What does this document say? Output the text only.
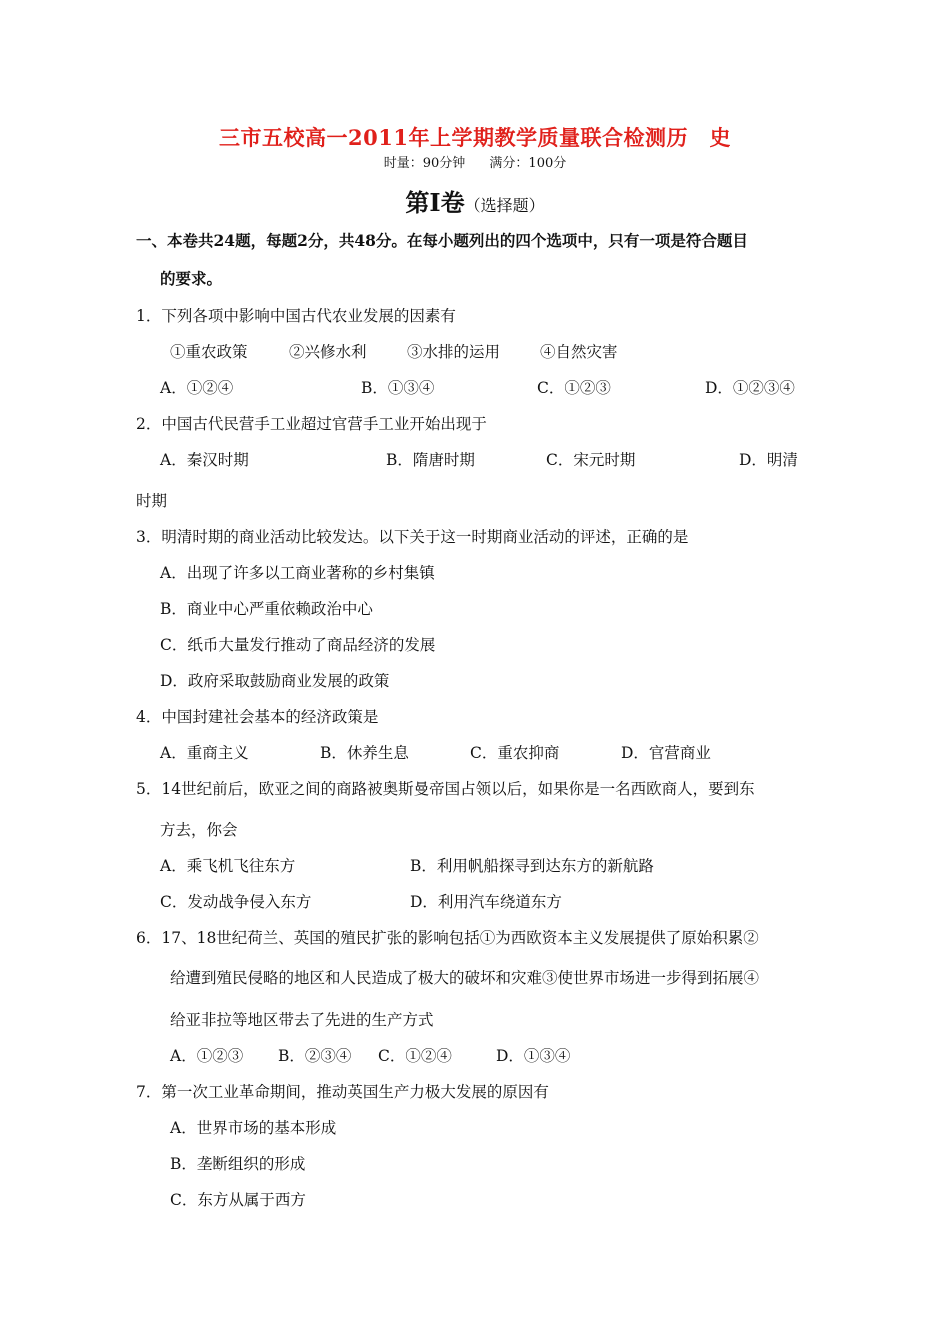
三市五校高一2011年上学期教学质量联合检测历　史
时量：90分钟 满分：100分
第Ⅰ卷（选择题）
一、本卷共24题，每题2分，共48分。在每小题列出的四个选项中，只有一项是符合题目
的要求。
1．下列各项中影响中国古代农业发展的因素有
①重农政策	②兴修水利	③水排的运用	④自然灾害
A．①②④	B．①③④	C．①②③	D．①②③④
2．中国古代民营手工业超过官营手工业开始出现于
A．秦汉时期	B．隋唐时期	C．宋元时期	D．明清
时期
3．明清时期的商业活动比较发达。以下关于这一时期商业活动的评述，正确的是
A．出现了许多以工商业著称的乡村集镇
B．商业中心严重依赖政治中心
C．纸币大量发行推动了商品经济的发展
D．政府采取鼓励商业发展的政策
4．中国封建社会基本的经济政策是
A．重商主义	B．休养生息	C．重农抑商	D．官营商业
5．14世纪前后，欧亚之间的商路被奥斯曼帝国占领以后，如果你是一名西欧商人，要到东
方去，你会
A．乘飞机飞往东方	B．利用帆船探寻到达东方的新航路
C．发动战争侵入东方	D．利用汽车绕道东方
6．17、18世纪荷兰、英国的殖民扩张的影响包括①为西欧资本主义发展提供了原始积累②
给遭到殖民侵略的地区和人民造成了极大的破坏和灾难③使世界市场进一步得到拓展④
给亚非拉等地区带去了先进的生产方式
A．①②③ B．②③④ C．①②④	D．①③④
7．第一次工业革命期间，推动英国生产力极大发展的原因有
A．世界市场的基本形成
B．垄断组织的形成
C．东方从属于西方
